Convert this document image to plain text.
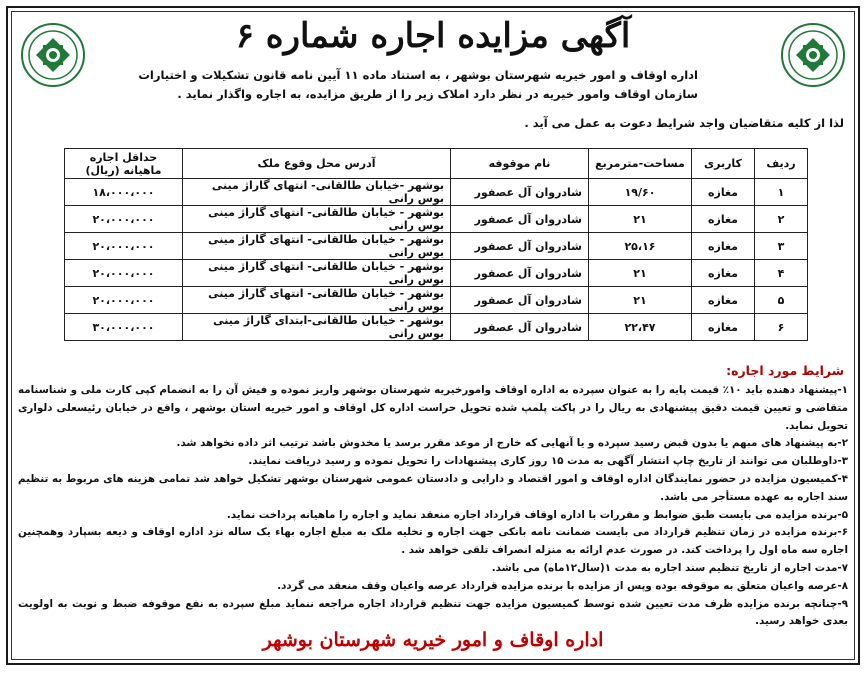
آگهی مزایده اجاره شماره ۶
اداره اوقاف و امور خیریه شهرستان بوشهر ، به استناد ماده ۱۱ آیین نامه قانون تشکیلات و اختیارات سازمان اوقاف وامور خیریه در نظر دارد املاک زیر را از طریق مزایده، به اجاره واگذار نماید .
لذا از کلیه متقاضیان واجد شرایط دعوت به عمل می آید .
ردیف	کاربری	مساحت-مترمربع	نام موقوفه	آدرس محل وقوع ملک	حداقل اجاره ماهیانه (ریال)
۱	مغازه	۱۹/۶۰	شادروان آل عصفور	بوشهر -خیابان طالقانی- انتهای گاراژ مینی بوس رانی	۱۸،۰۰۰،۰۰۰
۲	مغازه	۲۱	شادروان آل عصفور	بوشهر - خیابان طالقانی- انتهای گاراژ مینی بوس رانی	۲۰،۰۰۰،۰۰۰
۳	مغازه	۲۵،۱۶	شادروان آل عصفور	بوشهر - خیابان طالقانی- انتهای گاراژ مینی بوس رانی	۲۰،۰۰۰،۰۰۰
۴	مغازه	۲۱	شادروان آل عصفور	بوشهر - خیابان طالقانی- انتهای گاراژ مینی بوس رانی	۲۰،۰۰۰،۰۰۰
۵	مغازه	۲۱	شادروان آل عصفور	بوشهر - خیابان طالقانی- انتهای گاراژ مینی بوس رانی	۲۰،۰۰۰،۰۰۰
۶	مغازه	۲۲،۴۷	شادروان آل عصفور	بوشهر - خیابان طالقانی-ابتدای گاراژ مینی بوس رانی	۳۰،۰۰۰،۰۰۰
شرایط مورد اجاره:

۱-پیشنهاد دهنده باید ۱۰٪ قیمت پایه را به عنوان سپرده به اداره اوقاف وامورخیریه شهرستان بوشهر واریز نموده و فیش آن را به انضمام کپی کارت ملی و شناسنامه متقاضی و تعیین قیمت دقیق پیشنهادی به ریال را در پاکت پلمپ شده تحویل حراست اداره کل اوقاف و امور خیریه استان بوشهر ، واقع در خیابان رئیسعلی دلواری تحویل نماید.

۲-به پیشنهاد های مبهم یا بدون قبض رسید سپرده و یا آنهایی که خارج از موعد مقرر برسد یا مخدوش باشد ترتیب اثر داده نخواهد شد.

۳-داوطلبان می توانند از تاریخ چاپ انتشار آگهی به مدت ۱۵ روز کاری پیشنهادات را تحویل نموده و رسید دریافت نمایند.

۴-کمیسیون مزایده در حضور نمایندگان اداره اوقاف و امور اقتصاد و دارایی و دادستان عمومی شهرستان بوشهر تشکیل خواهد شد تمامی هزینه های مربوط به تنظیم سند اجاره به عهده مستأجر می باشد.

۵-برنده مزایده می بایست طبق ضوابط و مقررات با اداره اوقاف قرارداد اجاره منعقد نماید و اجاره را ماهیانه پرداخت نماید.

۶-برنده مزایده در زمان تنظیم قرارداد می بایست ضمانت نامه بانکی جهت اجاره و تخلیه ملک به مبلغ اجاره بهاء یک ساله نزد اداره اوقاف و دیعه بسپارد وهمچنین اجاره سه ماه اول را پرداخت کند. در صورت عدم ارائه به منزله انصراف تلقی خواهد شد .

۷-مدت اجاره از تاریخ تنظیم سند اجاره به مدت ۱(سال۱۲ماه) می باشد.

۸-عرصه واعیان متعلق به موقوفه بوده وپس از مزایده با برنده مزایده قرارداد عرصه واعیان وقف منعقد می گردد.

۹-چنانچه برنده مزایده ظرف مدت تعیین شده توسط کمیسیون مزایده جهت تنظیم قرارداد اجاره مراجعه ننماید مبلغ سپرده به نفع موقوفه ضبط و نوبت به اولویت بعدی خواهد رسید.

اداره اوقاف و امور خیریه شهرستان بوشهر
